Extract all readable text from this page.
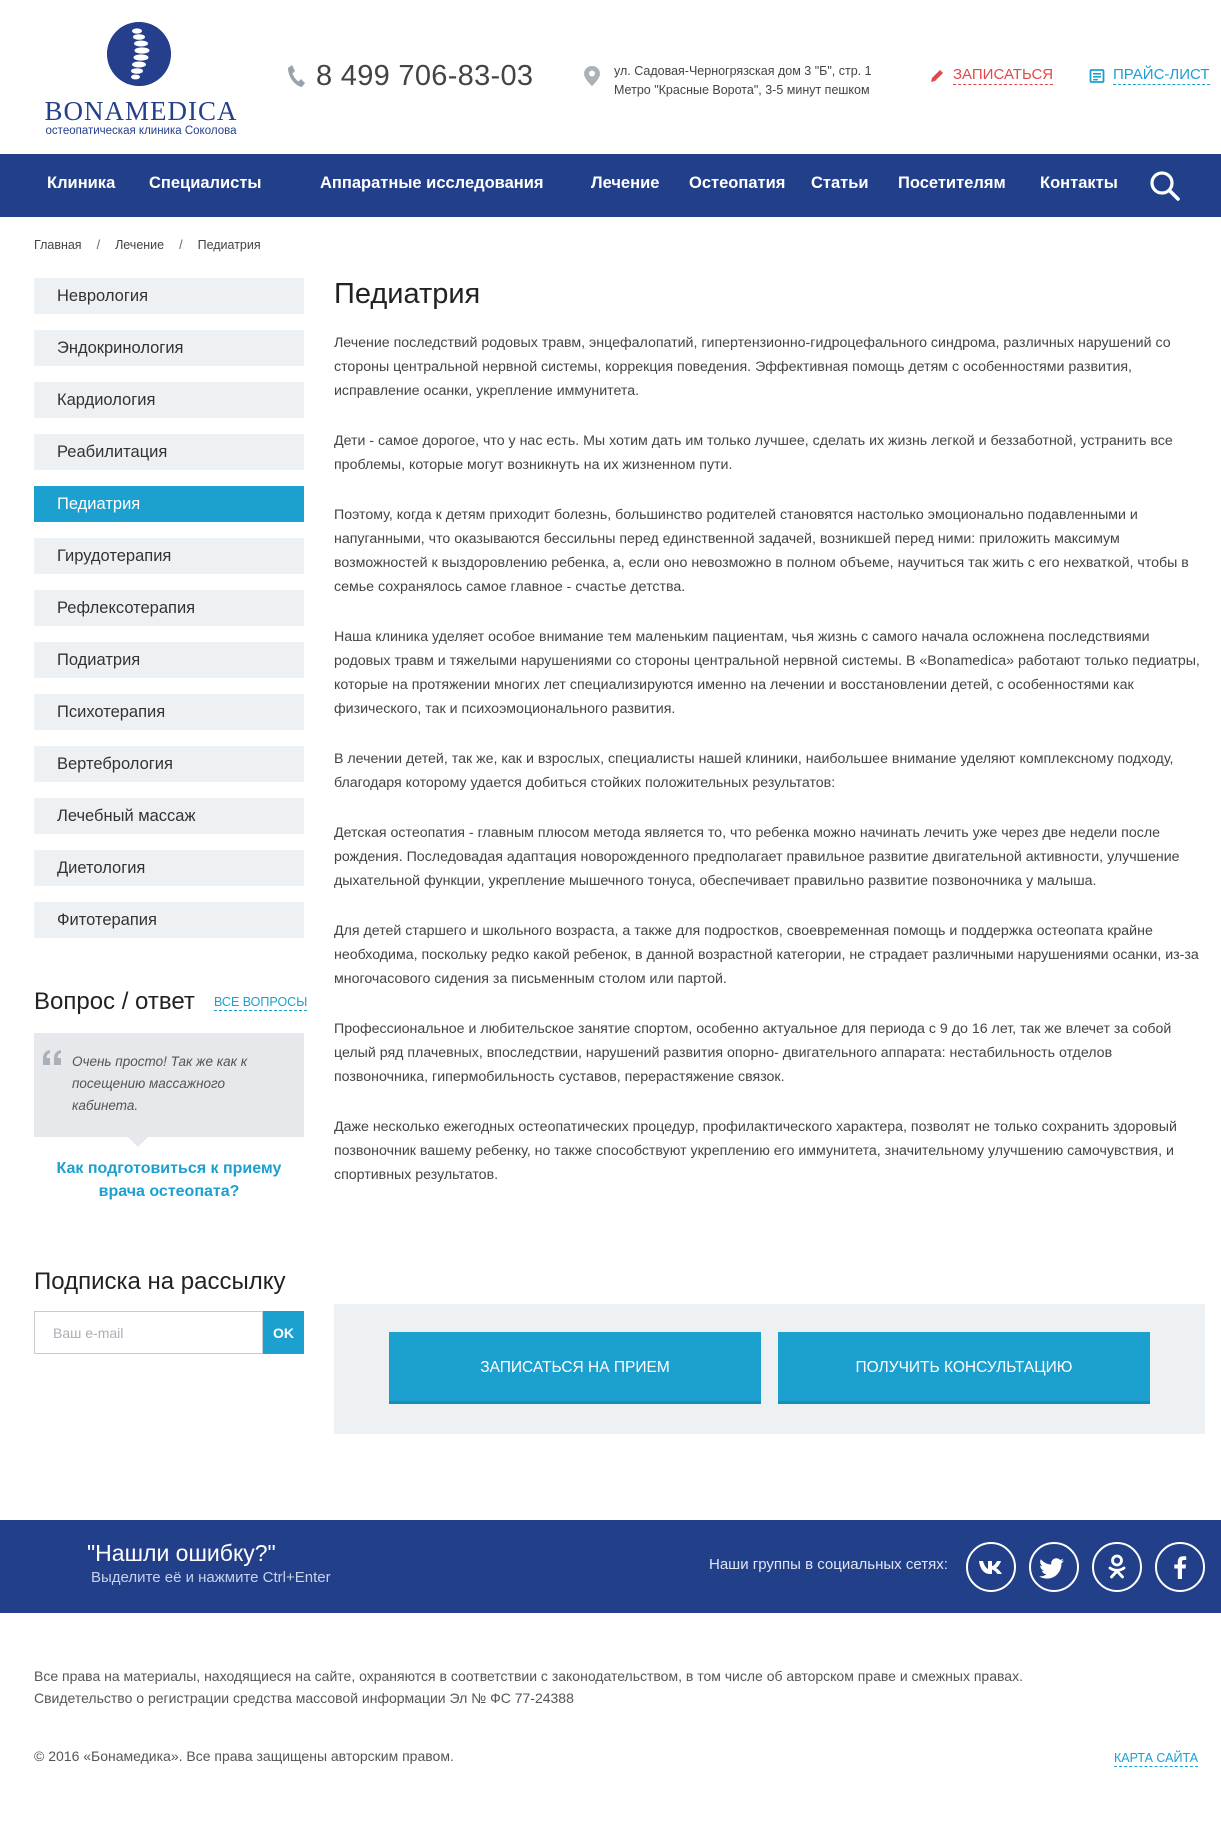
BONAMEDICA
остеопатическая клиника Соколова
8 499 706-83-03	ул. Садовая-Черногрязская дом 3 "Б", стр. 1
Метро "Красные Ворота", 3-5 минут пешком
ЗАПИСАТЬСЯ	ПРАЙС-ЛИСТ
Клиника Специалисты	Аппаратные исследования	Лечение Остеопатия Статьи Посетителям Контакты
Главная / Лечение / Педиатрия
Неврология
Эндокринология
Кардиология
Реабилитация
Педиатрия
Гирудотерапия
Рефлексотерапия
Подиатрия
Психотерапия
Вертебрология
Лечебный массаж
Диетология
Фитотерапия
Вопрос / ответ ВСЕ ВОПРОСЫ
Очень просто! Так же как к посещению массажного кабинета.
Как подготовиться к приему врача остеопата?
Подписка на рассылку
Ваш e-mail
OK
Педиатрия

Лечение последствий родовых травм, энцефалопатий, гипертензионно-гидроцефального синдрома, различных нарушений со стороны центральной нервной системы, коррекция поведения. Эффективная помощь детям с особенностями развития, исправление осанки, укрепление иммунитета.

Дети - самое дорогое, что у нас есть. Мы хотим дать им только лучшее, сделать их жизнь легкой и беззаботной, устранить все проблемы, которые могут возникнуть на их жизненном пути.

Поэтому, когда к детям приходит болезнь, большинство родителей становятся настолько эмоционально подавленными и напуганными, что оказываются бессильны перед единственной задачей, возникшей перед ними: приложить максимум возможностей к выздоровлению ребенка, а, если оно невозможно в полном объеме, научиться так жить с его нехваткой, чтобы в семье сохранялось самое главное - счастье детства.

Наша клиника уделяет особое внимание тем маленьким пациентам, чья жизнь с самого начала осложнена последствиями родовых травм и тяжелыми нарушениями со стороны центральной нервной системы. В «Bonamedica» работают только педиатры, которые на протяжении многих лет специализируются именно на лечении и восстановлении детей, с особенностями как физического, так и психоэмоционального развития.

В лечении детей, так же, как и взрослых, специалисты нашей клиники, наибольшее внимание уделяют комплексному подходу, благодаря которому удается добиться стойких положительных результатов:

Детская остеопатия - главным плюсом метода является то, что ребенка можно начинать лечить уже через две недели после рождения. Последовадая адаптация новорожденного предполагает правильное развитие двигательной активности, улучшение дыхательной функции, укрепление мышечного тонуса, обеспечивает правильно развитие позвоночника у малыша.

Для детей старшего и школьного возраста, а также для подростков, своевременная помощь и поддержка остеопата крайне необходима, поскольку редко какой ребенок, в данной возрастной категории, не страдает различными нарушениями осанки, из-за многочасового сидения за письменным столом или партой.

Профессиональное и любительское занятие спортом, особенно актуальное для периода с 9 до 16 лет, так же влечет за собой целый ряд плачевных, впоследствии, нарушений развития опорно- двигательного аппарата: нестабильность отделов позвоночника, гипермобильность суставов, перерастяжение связок.

Даже несколько ежегодных остеопатических процедур, профилактического характера, позволят не только сохранить здоровый позвоночник вашему ребенку, но также способствуют укреплению его иммунитета, значительному улучшению самочувствия, и спортивных результатов.

ЗАПИСАТЬСЯ НА ПРИЕМ	ПОЛУЧИТЬ КОНСУЛЬТАЦИЮ
"Нашли ошибку?"
Выделите её и нажмите Ctrl+Enter
Наши группы в социальных сетях:
Все права на материалы, находящиеся на сайте, охраняются в соответствии с законодательством, в том числе об авторском праве и смежных правах.
Свидетельство о регистрации средства массовой информации Эл № ФС 77-24388
© 2016 «Бонамедика». Все права защищены авторским правом.	КАРТА САЙТА
